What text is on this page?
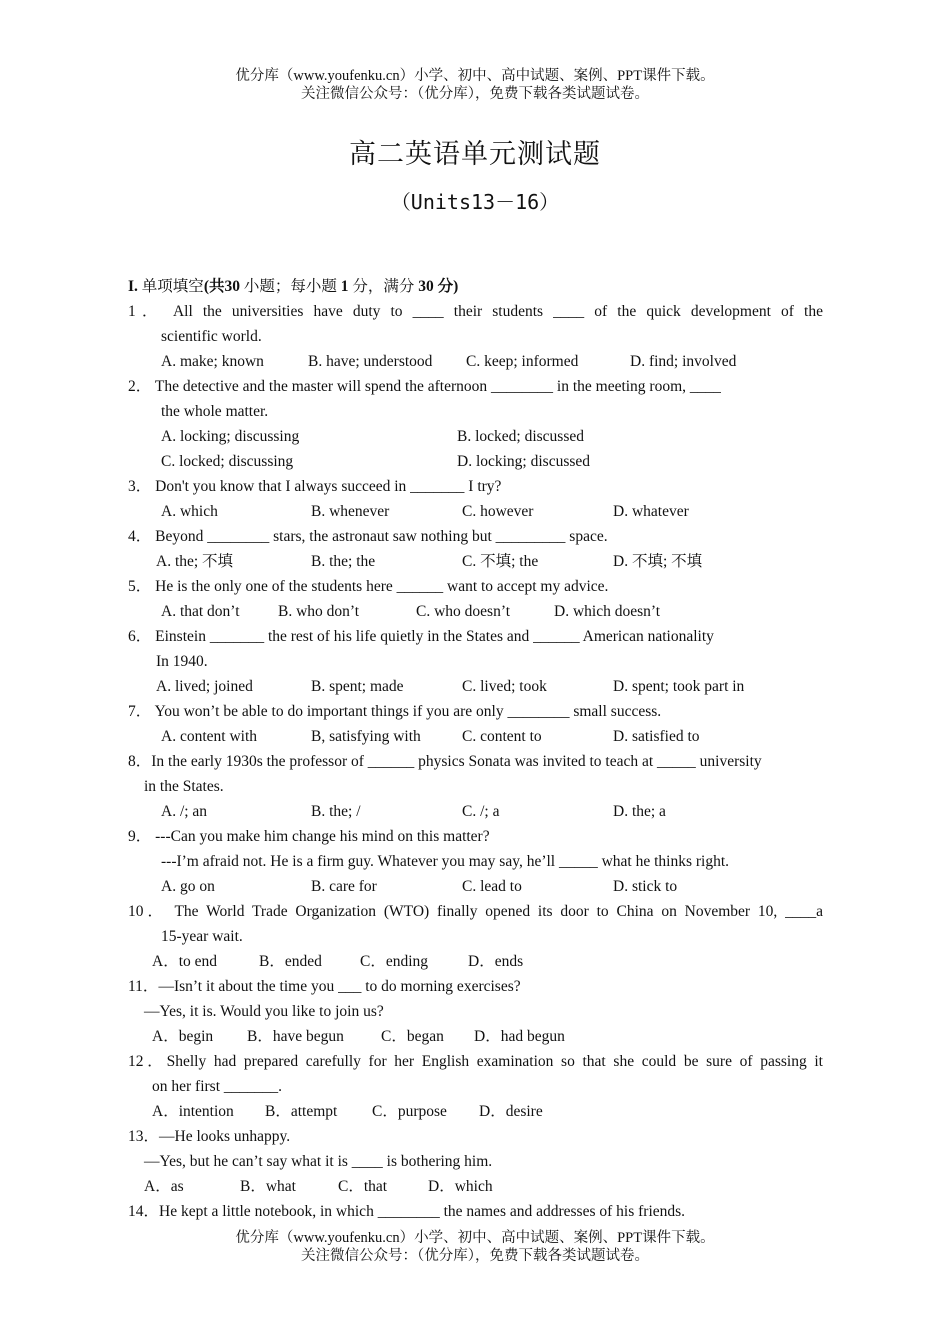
优分库（www.youfenku.cn）小学、初中、高中试题、案例、PPT课件下载。
关注微信公众号：（优分库），免费下载各类试题试卷。
高二英语单元测试题
（Units13－16）
I. 单项填空(共30 小题；每小题 1 分，满分 30 分)
1． All the universities have duty to ____ their students ____ of the quick development of the
scientific world.
A. make; known	B. have; understood C. keep; informed	D. find; involved
2． The detective and the master will spend the afternoon ________ in the meeting room, ____
the whole matter.
A. locking; discussing	B. locked; discussed
C. locked; discussing	D. locking; discussed
3． Don't you know that I always succeed in _______ I try?
A. which	B. whenever	C. however	D. whatever
4． Beyond ________ stars, the astronaut saw nothing but _________ space.
A. the; 不填	B. the; the	C. 不填; the	D. 不填; 不填
5． He is the only one of the students here ______ want to accept my advice.
A. that don’t B. who don’t	C. who doesn’t	D. which doesn’t
6． Einstein _______ the rest of his life quietly in the States and ______ American nationality
In 1940.
A. lived; joined	B. spent; made	C. lived; took	D. spent; took part in
7． You won’t be able to do important things if you are only ________ small success.
A. content with	B, satisfying with	C. content to	D. satisfied to
8．In the early 1930s the professor of ______ physics Sonata was invited to teach at _____ university
in the States.
A. /; an	B. the; /	C. /; a	D. the; a
9． ---Can you make him change his mind on this matter?
---I’m afraid not. He is a firm guy. Whatever you may say, he’ll _____ what he thinks right.
A. go on	B. care for	C. lead to	D. stick to
10． The World Trade Organization (WTO) finally opened its door to China on November 10, ____a
15-year wait.
A．to end	B．ended C．ending	D．ends
11．—Isn’t it about the time you ___ to do morning exercises?
—Yes, it is. Would you like to join us?
A．begin B．have begun C．began D．had begun
12．Shelly had prepared carefully for her English examination so that she could be sure of passing it
on her first _______.
A．intention B．attempt C．purpose D．desire
13．—He looks unhappy.
—Yes, but he can’t say what it is ____ is bothering him.
A．as	B．what	C．that	D．which
14．He kept a little notebook, in which ________ the names and addresses of his friends.
优分库（www.youfenku.cn）小学、初中、高中试题、案例、PPT课件下载。
关注微信公众号：（优分库），免费下载各类试题试卷。
